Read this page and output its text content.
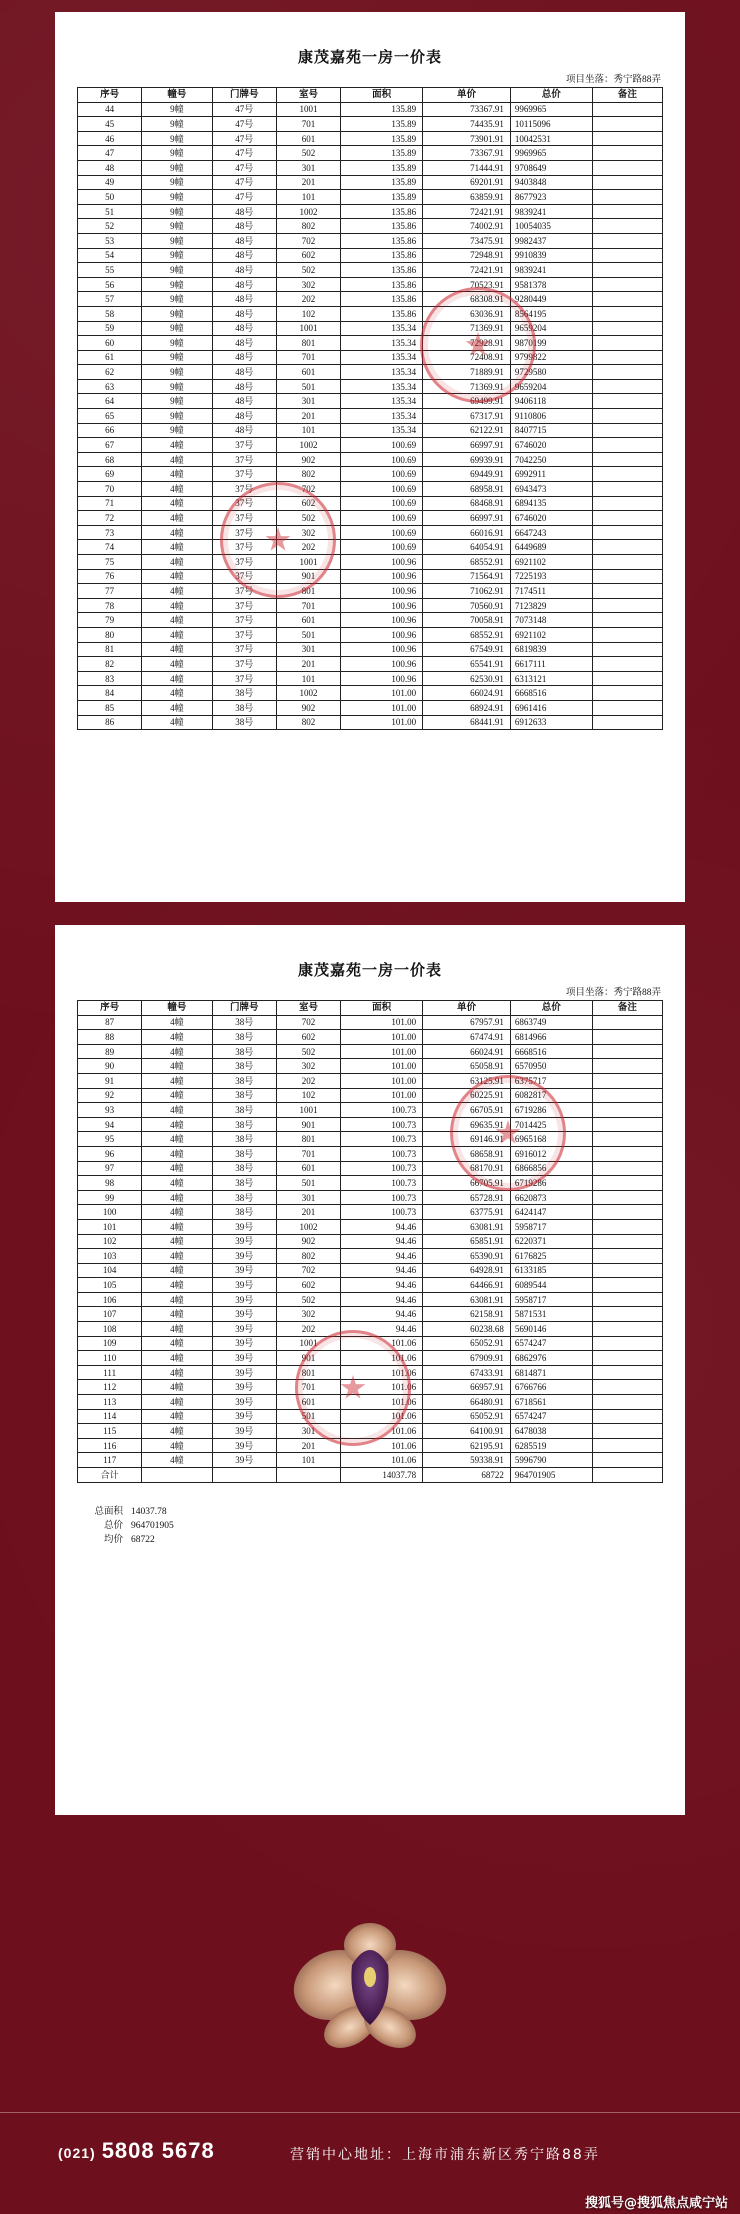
康茂嘉苑一房一价表
项目坐落：秀宁路88弄
序号	幢号	门牌号	室号	面积	单价	总价	备注
44	9幢	47号	1001	135.89	73367.91	9969965	
45	9幢	47号	701	135.89	74435.91	10115096	
46	9幢	47号	601	135.89	73901.91	10042531	
47	9幢	47号	502	135.89	73367.91	9969965	
48	9幢	47号	301	135.89	71444.91	9708649	
49	9幢	47号	201	135.89	69201.91	9403848	
50	9幢	47号	101	135.89	63859.91	8677923	
51	9幢	48号	1002	135.86	72421.91	9839241	
52	9幢	48号	802	135.86	74002.91	10054035	
53	9幢	48号	702	135.86	73475.91	9982437	
54	9幢	48号	602	135.86	72948.91	9910839	
55	9幢	48号	502	135.86	72421.91	9839241	
56	9幢	48号	302	135.86	70523.91	9581378	
57	9幢	48号	202	135.86	68308.91	9280449	
58	9幢	48号	102	135.86	63036.91	8564195	
59	9幢	48号	1001	135.34	71369.91	9659204	
60	9幢	48号	801	135.34	72928.91	9870199	
61	9幢	48号	701	135.34	72408.91	9799822	
62	9幢	48号	601	135.34	71889.91	9729580	
63	9幢	48号	501	135.34	71369.91	9659204	
64	9幢	48号	301	135.34	69499.91	9406118	
65	9幢	48号	201	135.34	67317.91	9110806	
66	9幢	48号	101	135.34	62122.91	8407715	
67	4幢	37号	1002	100.69	66997.91	6746020	
68	4幢	37号	902	100.69	69939.91	7042250	
69	4幢	37号	802	100.69	69449.91	6992911	
70	4幢	37号	702	100.69	68958.91	6943473	
71	4幢	37号	602	100.69	68468.91	6894135	
72	4幢	37号	502	100.69	66997.91	6746020	
73	4幢	37号	302	100.69	66016.91	6647243	
74	4幢	37号	202	100.69	64054.91	6449689	
75	4幢	37号	1001	100.96	68552.91	6921102	
76	4幢	37号	901	100.96	71564.91	7225193	
77	4幢	37号	801	100.96	71062.91	7174511	
78	4幢	37号	701	100.96	70560.91	7123829	
79	4幢	37号	601	100.96	70058.91	7073148	
80	4幢	37号	501	100.96	68552.91	6921102	
81	4幢	37号	301	100.96	67549.91	6819839	
82	4幢	37号	201	100.96	65541.91	6617111	
83	4幢	37号	101	100.96	62530.91	6313121	
84	4幢	38号	1002	101.00	66024.91	6668516	
85	4幢	38号	902	101.00	68924.91	6961416	
86	4幢	38号	802	101.00	68441.91	6912633	
康茂嘉苑一房一价表
项目坐落：秀宁路88弄
序号	幢号	门牌号	室号	面积	单价	总价	备注
87	4幢	38号	702	101.00	67957.91	6863749	
88	4幢	38号	602	101.00	67474.91	6814966	
89	4幢	38号	502	101.00	66024.91	6668516	
90	4幢	38号	302	101.00	65058.91	6570950	
91	4幢	38号	202	101.00	63125.91	6375717	
92	4幢	38号	102	101.00	60225.91	6082817	
93	4幢	38号	1001	100.73	66705.91	6719286	
94	4幢	38号	901	100.73	69635.91	7014425	
95	4幢	38号	801	100.73	69146.91	6965168	
96	4幢	38号	701	100.73	68658.91	6916012	
97	4幢	38号	601	100.73	68170.91	6866856	
98	4幢	38号	501	100.73	66705.91	6719286	
99	4幢	38号	301	100.73	65728.91	6620873	
100	4幢	38号	201	100.73	63775.91	6424147	
101	4幢	39号	1002	94.46	63081.91	5958717	
102	4幢	39号	902	94.46	65851.91	6220371	
103	4幢	39号	802	94.46	65390.91	6176825	
104	4幢	39号	702	94.46	64928.91	6133185	
105	4幢	39号	602	94.46	64466.91	6089544	
106	4幢	39号	502	94.46	63081.91	5958717	
107	4幢	39号	302	94.46	62158.91	5871531	
108	4幢	39号	202	94.46	60238.68	5690146	
109	4幢	39号	1001	101.06	65052.91	6574247	
110	4幢	39号	901	101.06	67909.91	6862976	
111	4幢	39号	801	101.06	67433.91	6814871	
112	4幢	39号	701	101.06	66957.91	6766766	
113	4幢	39号	601	101.06	66480.91	6718561	
114	4幢	39号	501	101.06	65052.91	6574247	
115	4幢	39号	301	101.06	64100.91	6478038	
116	4幢	39号	201	101.06	62195.91	6285519	
117	4幢	39号	101	101.06	59338.91	5996790	
合计				14037.78	68722	964701905	
总面积 14037.78
总价 964701905
均价 68722
(021) 5808 5678	营销中心地址：上海市浦东新区秀宁路88弄
搜狐号@搜狐焦点咸宁站
